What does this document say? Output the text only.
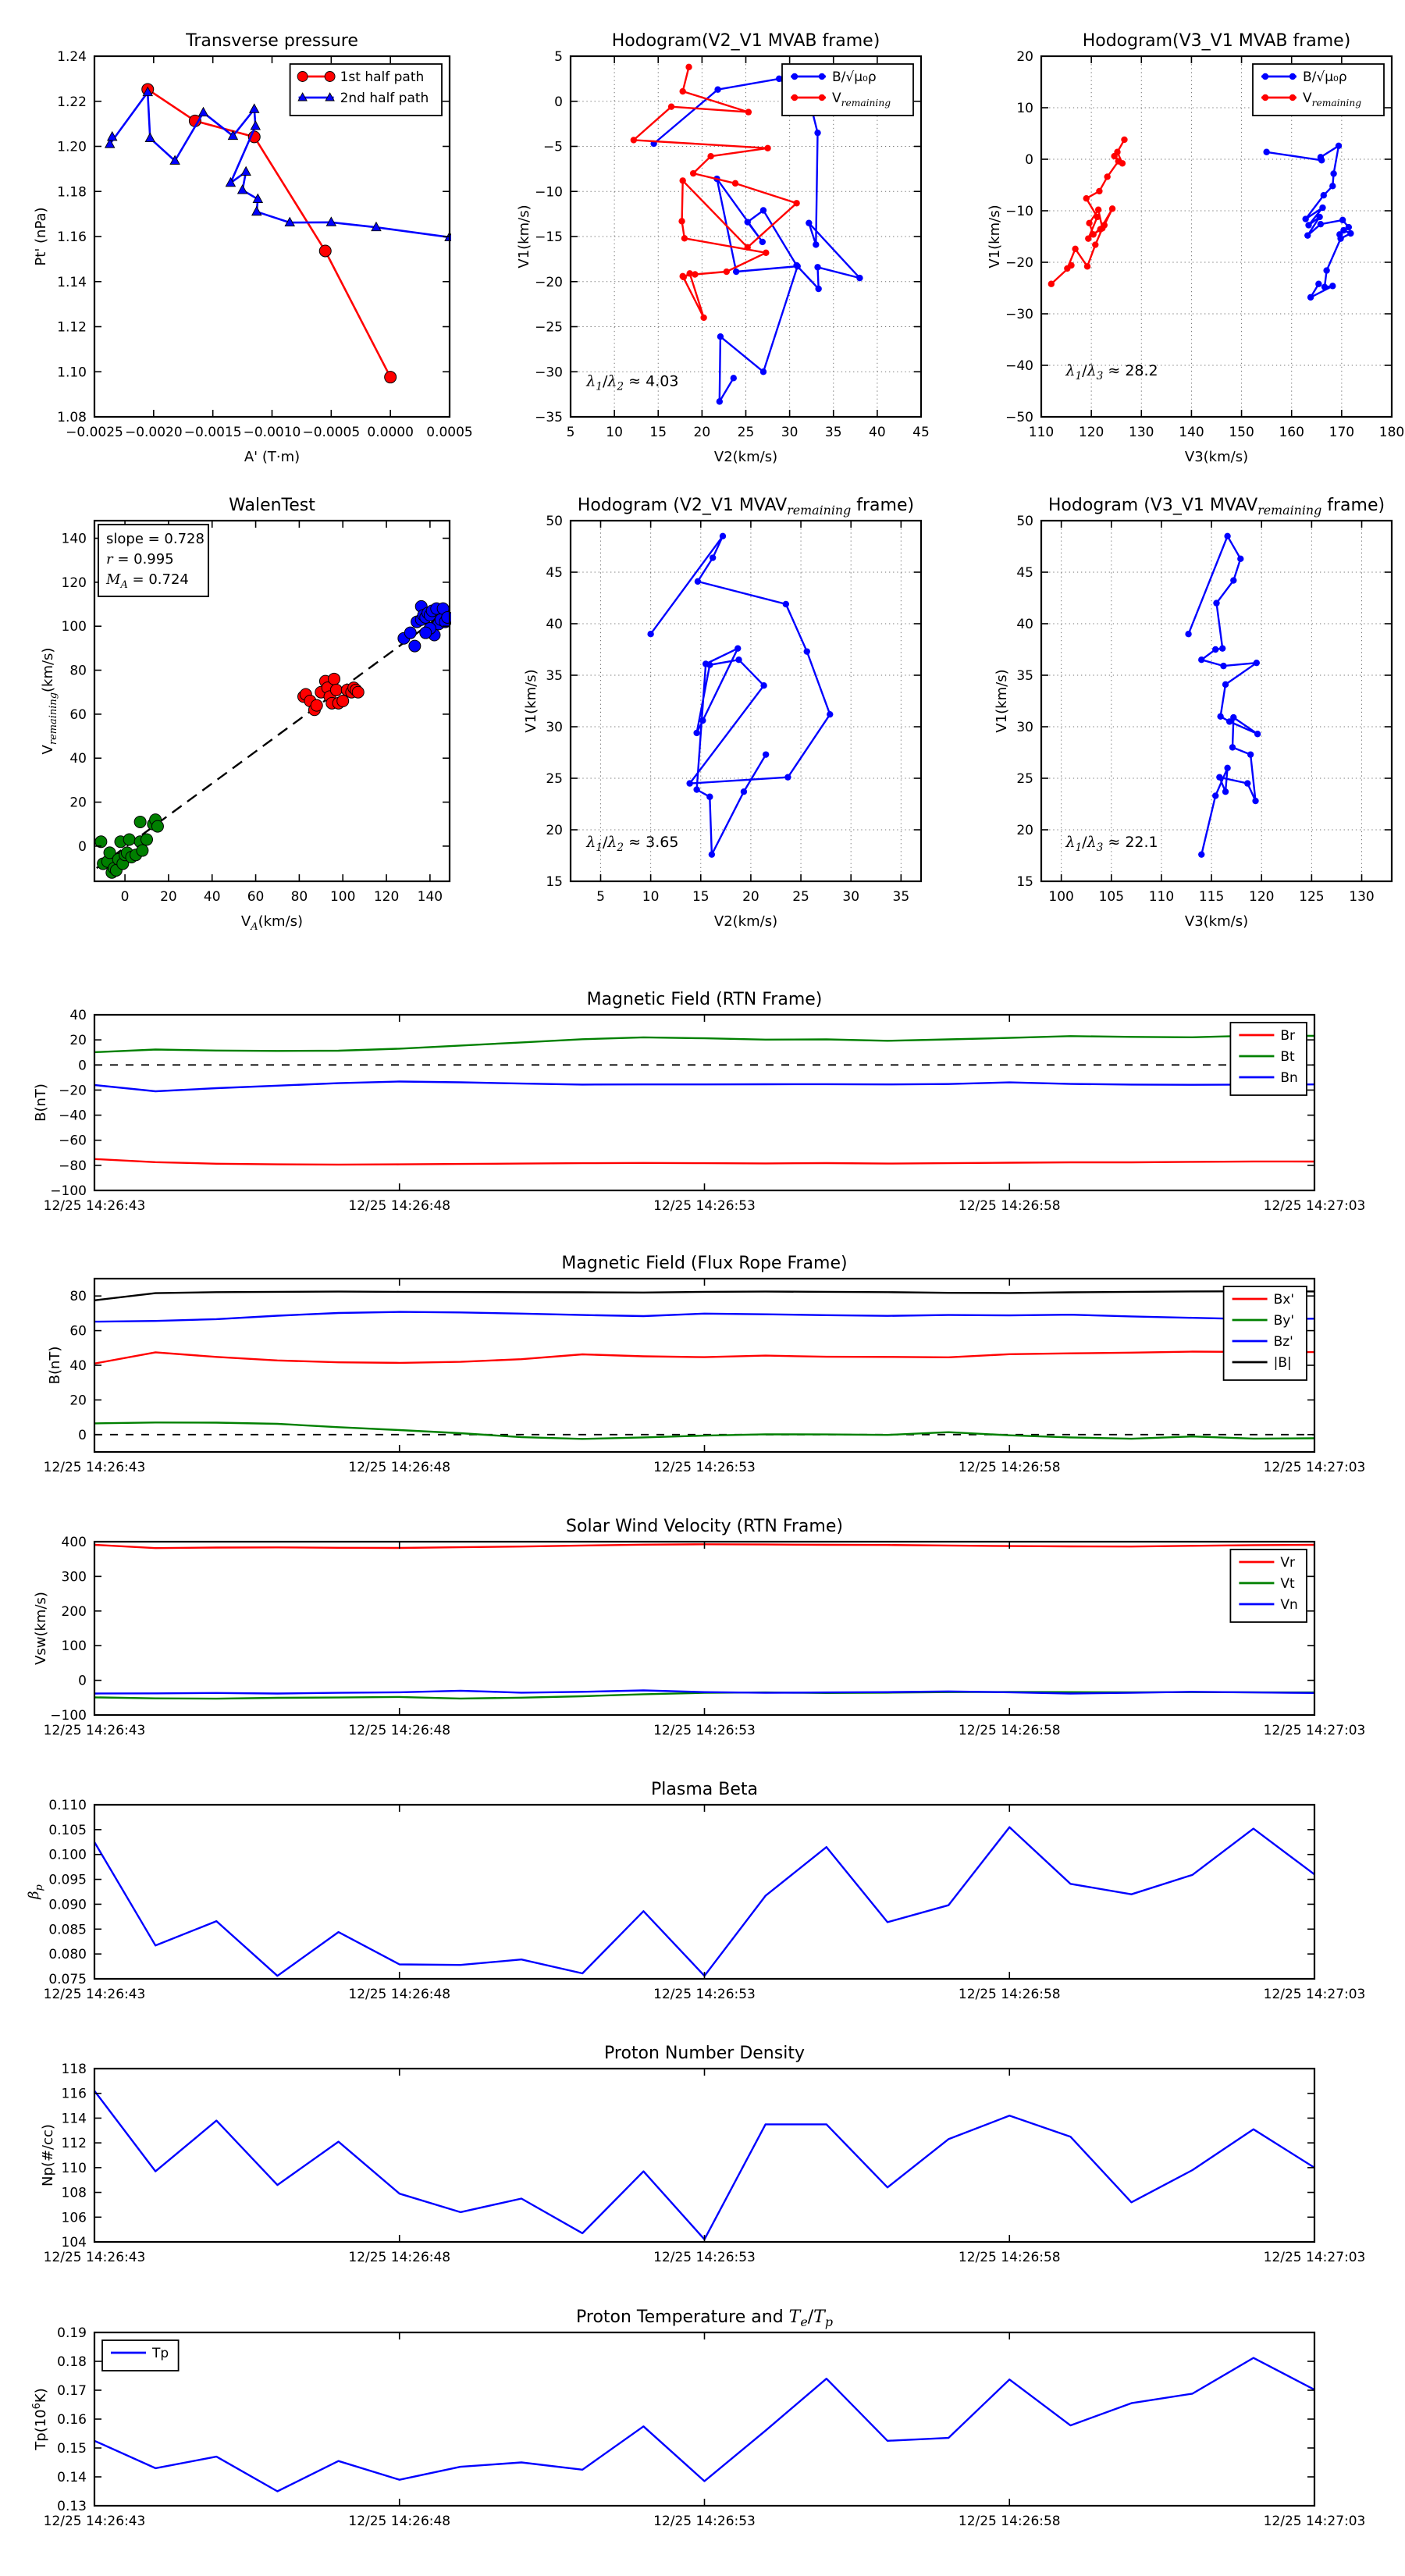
−0.0025 −0.0020 −0.0015 −0.0010 −0.0005 0.0000 0.0005
1.08
1.10
1.12
1.14
1.16
1.18
1.20
1.22
1.24
Transverse pressure
A' (T·m)
Pt' (nPa)
1st half path
2nd half path
5 10 15 20 25 30 35 40 45
−35
−30
−25
−20
−15
−10
−5
0
5
Hodogram(V2_V1 MVAB frame)
V2(km/s)
V1(km/s)
$\lambda_1/\lambda_2 \approx 4.03$
B/√μ₀ρ
$V_{remaining}$
110 120 130 140 150 160 170 180
−50
−40
−30
−20
−10
0
10
20
Hodogram(V3_V1 MVAB frame)
V3(km/s)
V1(km/s)
$\lambda_1/\lambda_3 \approx 28.2$
B/√μ₀ρ
$V_{remaining}$
0 20 40 60 80 100 120 140
0
20
40
60
80
100
120
140
WalenTest
$V_A(km/s)$
$V_{remaining}(km/s)$
slope = 0.728
r = 0.995
$M_A = 0.724$
5	10	15	20	25	30	35
15
20
25
30
35
40
45
50
Hodogram (V2_V1 $MVAV_{remaining}$ frame)
V2(km/s)
V1(km/s)
$\lambda_1/\lambda_2 \approx 3.65$
100 105 110 115 120 125 130
15
20
25
30
35
40
45
50
Hodogram (V3_V1 $MVAV_{remaining}$ frame)
V3(km/s)
V1(km/s)
$\lambda_1/\lambda_3 \approx 22.1$
12/25 14:26:43	12/25 14:26:48	12/25 14:26:53	12/25 14:26:58	12/25 14:27:03
−100
−80
−60
−40
−20
0
20
40
Magnetic Field (RTN Frame)
B(nT)
Br
Bt
Bn
12/25 14:26:43	12/25 14:26:48	12/25 14:26:53	12/25 14:26:58	12/25 14:27:03
0
20
40
60
80
Magnetic Field (Flux Rope Frame)
B(nT)
Bx'
By'
Bz'
|B|
12/25 14:26:43	12/25 14:26:48	12/25 14:26:53	12/25 14:26:58	12/25 14:27:03
−100
0
100
200
300
400
Solar Wind Velocity (RTN Frame)
Vsw(km/s)
Vr
Vt
Vn
12/25 14:26:43	12/25 14:26:48	12/25 14:26:53	12/25 14:26:58	12/25 14:27:03
0.075
0.080
0.085
0.090
0.095
0.100
0.105
0.110
Plasma Beta
$\beta_p$
12/25 14:26:43	12/25 14:26:48	12/25 14:26:53	12/25 14:26:58	12/25 14:27:03
104
106
108
110
112
114
116
118
Proton Number Density
Np(#/cc)
12/25 14:26:43	12/25 14:26:48	12/25 14:26:53	12/25 14:26:58	12/25 14:27:03
0.13
0.14
0.15
0.16
0.17
0.18
0.19
Proton Temperature and $T_e/T_p$
$Tp(10^6K)$
Tp
